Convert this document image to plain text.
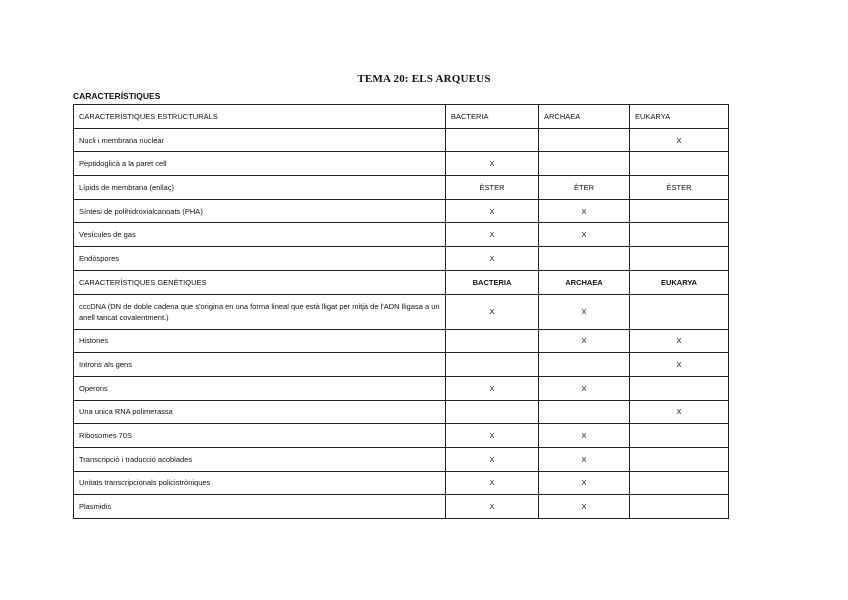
TEMA 20: ELS ARQUEUS
CARACTERÍSTIQUES
CARACTERÍSTIQUES ESTRUCTURALS	BACTERIA	ARCHAEA	EUKARYA
Nucli i membrana nuclear			X
Peptidoglicà a la paret cell	X		
Lípids de membrana (enllaç)	ÈSTER	ÈTER	ÈSTER
Síntesi de polihidroxialcanoats (PHA)	X	X	
Vesícules de gas	X	X	
Endòspores	X		
CARACTERÍSTIQUES GENÈTIQUES	BACTERIA	ARCHAEA	EUKARYA
cccDNA (DN de doble cadena que s'origina en una forma lineal que està lligat per mitjà de l'ADN lligasa a un anell tancat covalentment.)	X	X	
Histones		X	X
Introns als gens			X
Operons	X	X	
Una unica RNA polimerassa			X
Ribosomes 70S	X	X	
Transcripció i traducció acoblades	X	X	
Unitats transcripcionals policistròniques	X	X	
Plasmidis	X	X	
